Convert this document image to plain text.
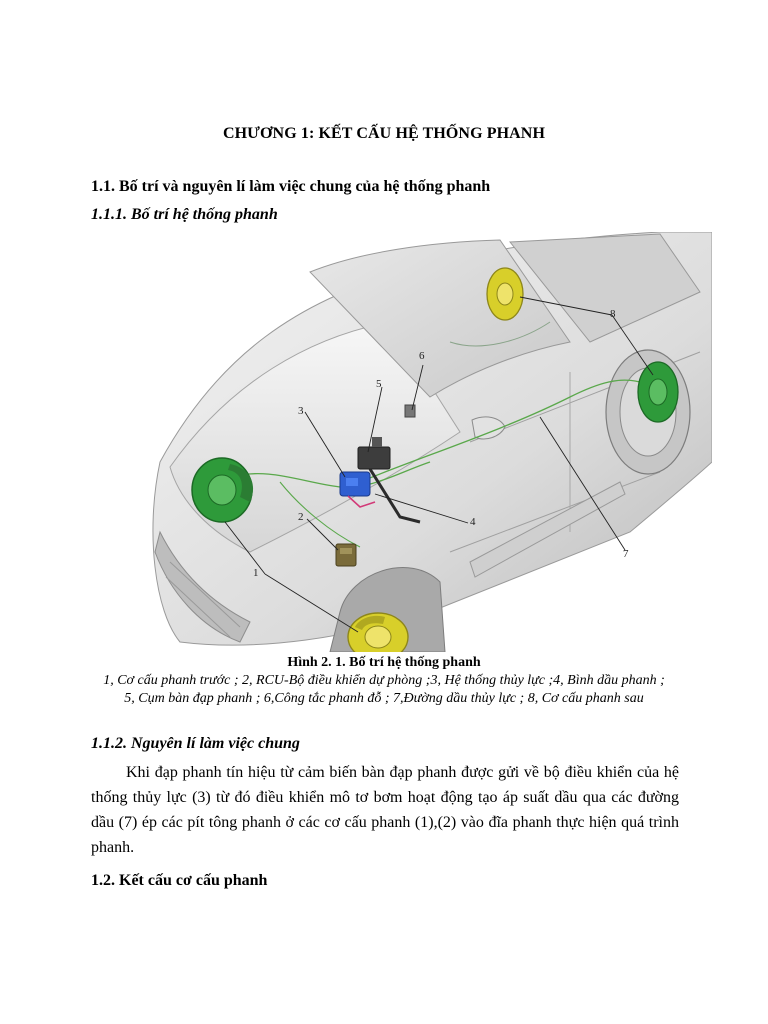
CHƯƠNG 1: KẾT CẤU HỆ THỐNG PHANH
1.1. Bố trí và nguyên lí làm việc chung của hệ thống phanh
1.1.1. Bố trí hệ thống phanh
1
2
3
4
5
6
7
8
Hình 2. 1. Bố trí hệ thống phanh
1, Cơ cấu phanh trước ; 2, RCU-Bộ điều khiển dự phòng ;3, Hệ thống thủy lực ;4, Bình dầu phanh ; 5, Cụm bàn đạp phanh ; 6,Công tắc phanh đỗ ; 7,Đường dầu thủy lực ; 8, Cơ cấu phanh sau
1.1.2. Nguyên lí làm việc chung
Khi đạp phanh tín hiệu từ cảm biến bàn đạp phanh được gửi về bộ điều khiển của hệ thống thủy lực (3) từ đó điều khiển mô tơ bơm hoạt động tạo áp suất dầu qua các đường dầu (7) ép các pít tông phanh ở các cơ cấu phanh (1),(2) vào đĩa phanh thực hiện quá trình phanh.
1.2. Kết cấu cơ cấu phanh
